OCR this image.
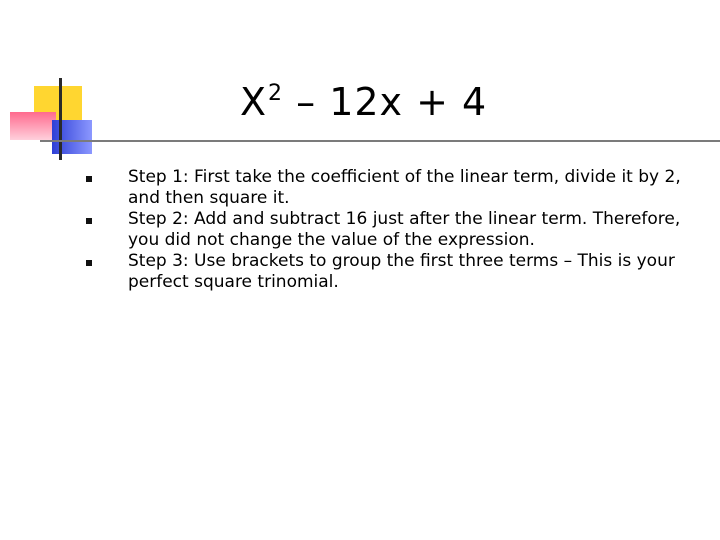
$X^2 - 12x + 4$
Step 1: First take the coefficient of the linear term, divide it by 2, and then square it.
Step 2: Add and subtract 16 just after the linear term. Therefore, you did not change the value of the expression.
Step 3: Use brackets to group the first three terms – This is your perfect square trinomial.
